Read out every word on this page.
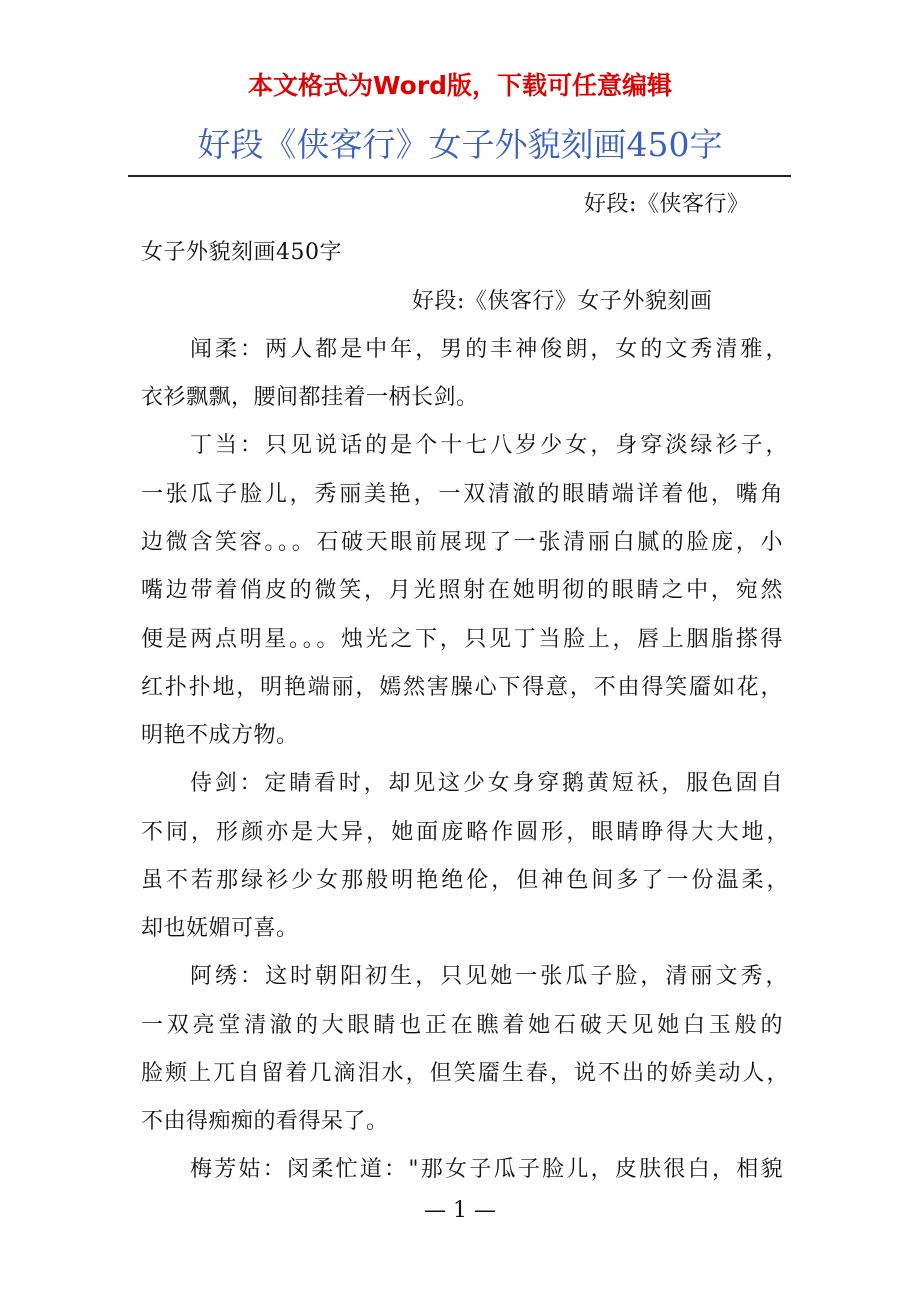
本文格式为Word版，下载可任意编辑
好段《侠客行》女子外貌刻画450字
好段:《侠客行》
女子外貌刻画450字
好段:《侠客行》女子外貌刻画
闻柔：两人都是中年，男的丰神俊朗，女的文秀清雅，
衣衫飘飘，腰间都挂着一柄长剑。
丁当：只见说话的是个十七八岁少女，身穿淡绿衫子，
一张瓜子脸儿，秀丽美艳，一双清澈的眼睛端详着他，嘴角
边微含笑容。。。石破天眼前展现了一张清丽白腻的脸庞，小
嘴边带着俏皮的微笑，月光照射在她明彻的眼睛之中，宛然
便是两点明星。。。烛光之下，只见丁当脸上，唇上胭脂搽得
红扑扑地，明艳端丽，嫣然害臊心下得意，不由得笑靥如花，
明艳不成方物。
侍剑：定睛看时，却见这少女身穿鹅黄短袄，服色固自
不同，形颜亦是大异，她面庞略作圆形，眼睛睁得大大地，
虽不若那绿衫少女那般明艳绝伦，但神色间多了一份温柔，
却也妩媚可喜。
阿绣：这时朝阳初生，只见她一张瓜子脸，清丽文秀，
一双亮堂清澈的大眼睛也正在瞧着她石破天见她白玉般的
脸颊上兀自留着几滴泪水，但笑靥生春，说不出的娇美动人，
不由得痴痴的看得呆了。
梅芳姑：闵柔忙道："那女子瓜子脸儿，皮肤很白，相貌
— 1 —
